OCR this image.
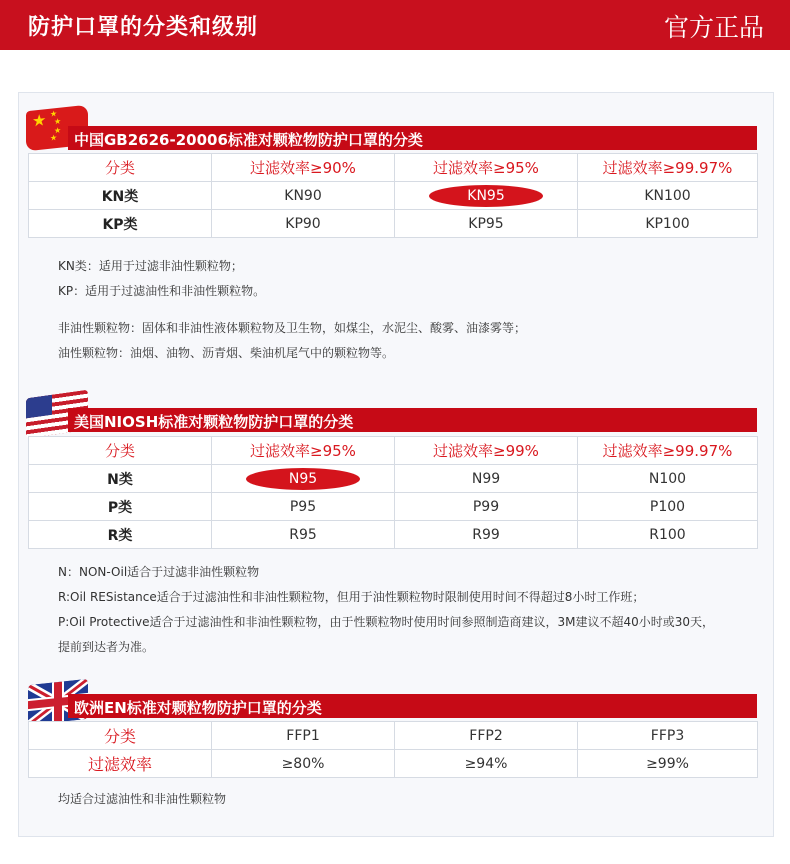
防护口罩的分类和级别	官方正品
★ ★
★
★
★	中国GB2626-20006标准对颗粒物防护口罩的分类
分类	过滤效率≥90%	过滤效率≥95%	过滤效率≥99.97%
KN类	KN90	KN95	KN100
KP类	KP90	KP95	KP100
KN类：适用于过滤非油性颗粒物；
KP：适用于过滤油性和非油性颗粒物。
非油性颗粒物：固体和非油性液体颗粒物及卫生物，如煤尘，水泥尘、酸雾、油漆雾等；
油性颗粒物：油烟、油物、沥青烟、柴油机尾气中的颗粒物等。
美国NIOSH标准对颗粒物防护口罩的分类
分类	过滤效率≥95%	过滤效率≥99%	过滤效率≥99.97%
N类	N95	N99	N100
P类	P95	P99	P100
R类	R95	R99	R100
N：NON-Oil适合于过滤非油性颗粒物
R:Oil RESistance适合于过滤油性和非油性颗粒物，但用于油性颗粒物时限制使用时间不得超过8小时工作班；
P:Oil Protective适合于过滤油性和非油性颗粒物，由于性颗粒物时使用时间参照制造商建议，3M建议不超40小时或30天，
提前到达者为准。
欧洲EN标准对颗粒物防护口罩的分类
分类	FFP1	FFP2	FFP3
过滤效率	≥80%	≥94%	≥99%
均适合过滤油性和非油性颗粒物
